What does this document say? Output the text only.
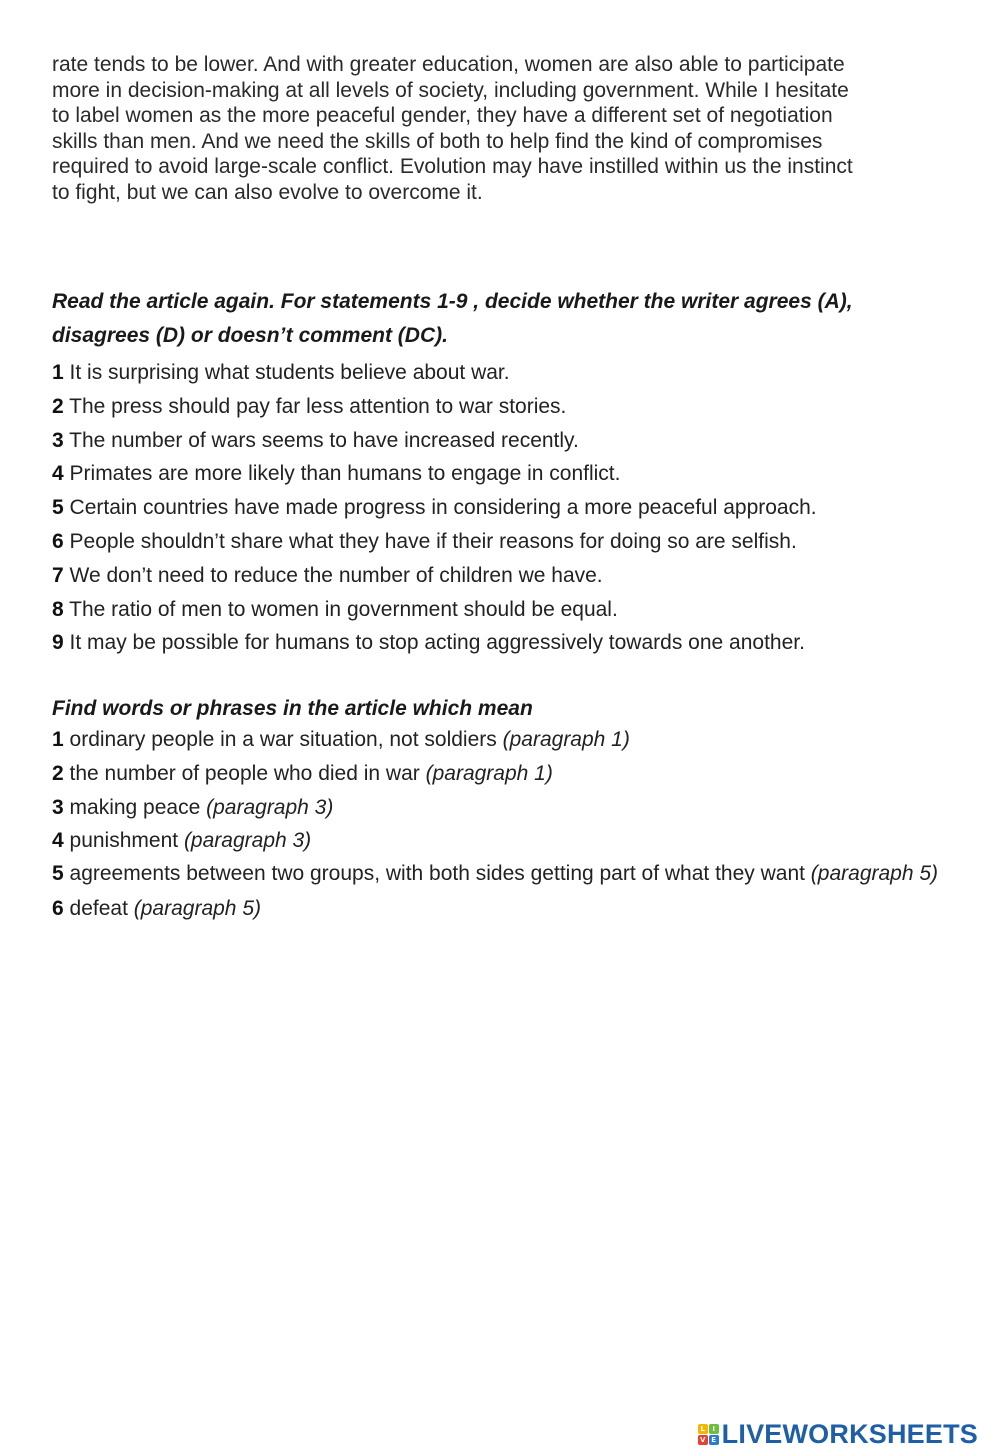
rate tends to be lower. And with greater education, women are also able to participate
more in decision-making at all levels of society, including government. While I hesitate
to label women as the more peaceful gender, they have a different set of negotiation
skills than men. And we need the skills of both to help find the kind of compromises
required to avoid large-scale conflict. Evolution may have instilled within us the instinct
to fight, but we can also evolve to overcome it.

Read the article again. For statements 1-9 , decide whether the writer agrees (A),
disagrees (D) or doesn’t comment (DC).

1 It is surprising what students believe about war.
2 The press should pay far less attention to war stories.
3 The number of wars seems to have increased recently.
4 Primates are more likely than humans to engage in conflict.
5 Certain countries have made progress in considering a more peaceful approach.
6 People shouldn’t share what they have if their reasons for doing so are selfish.
7 We don’t need to reduce the number of children we have.
8 The ratio of men to women in government should be equal.
9 It may be possible for humans to stop acting aggressively towards one another.

Find words or phrases in the article which mean

1 ordinary people in a war situation, not soldiers (paragraph 1)
2 the number of people who died in war (paragraph 1)
3 making peace (paragraph 3)
4 punishment (paragraph 3)
5 agreements between two groups, with both sides getting part of what they want (paragraph 5)
6 defeat (paragraph 5)
L	I
V E LIVEWORKSHEETS
